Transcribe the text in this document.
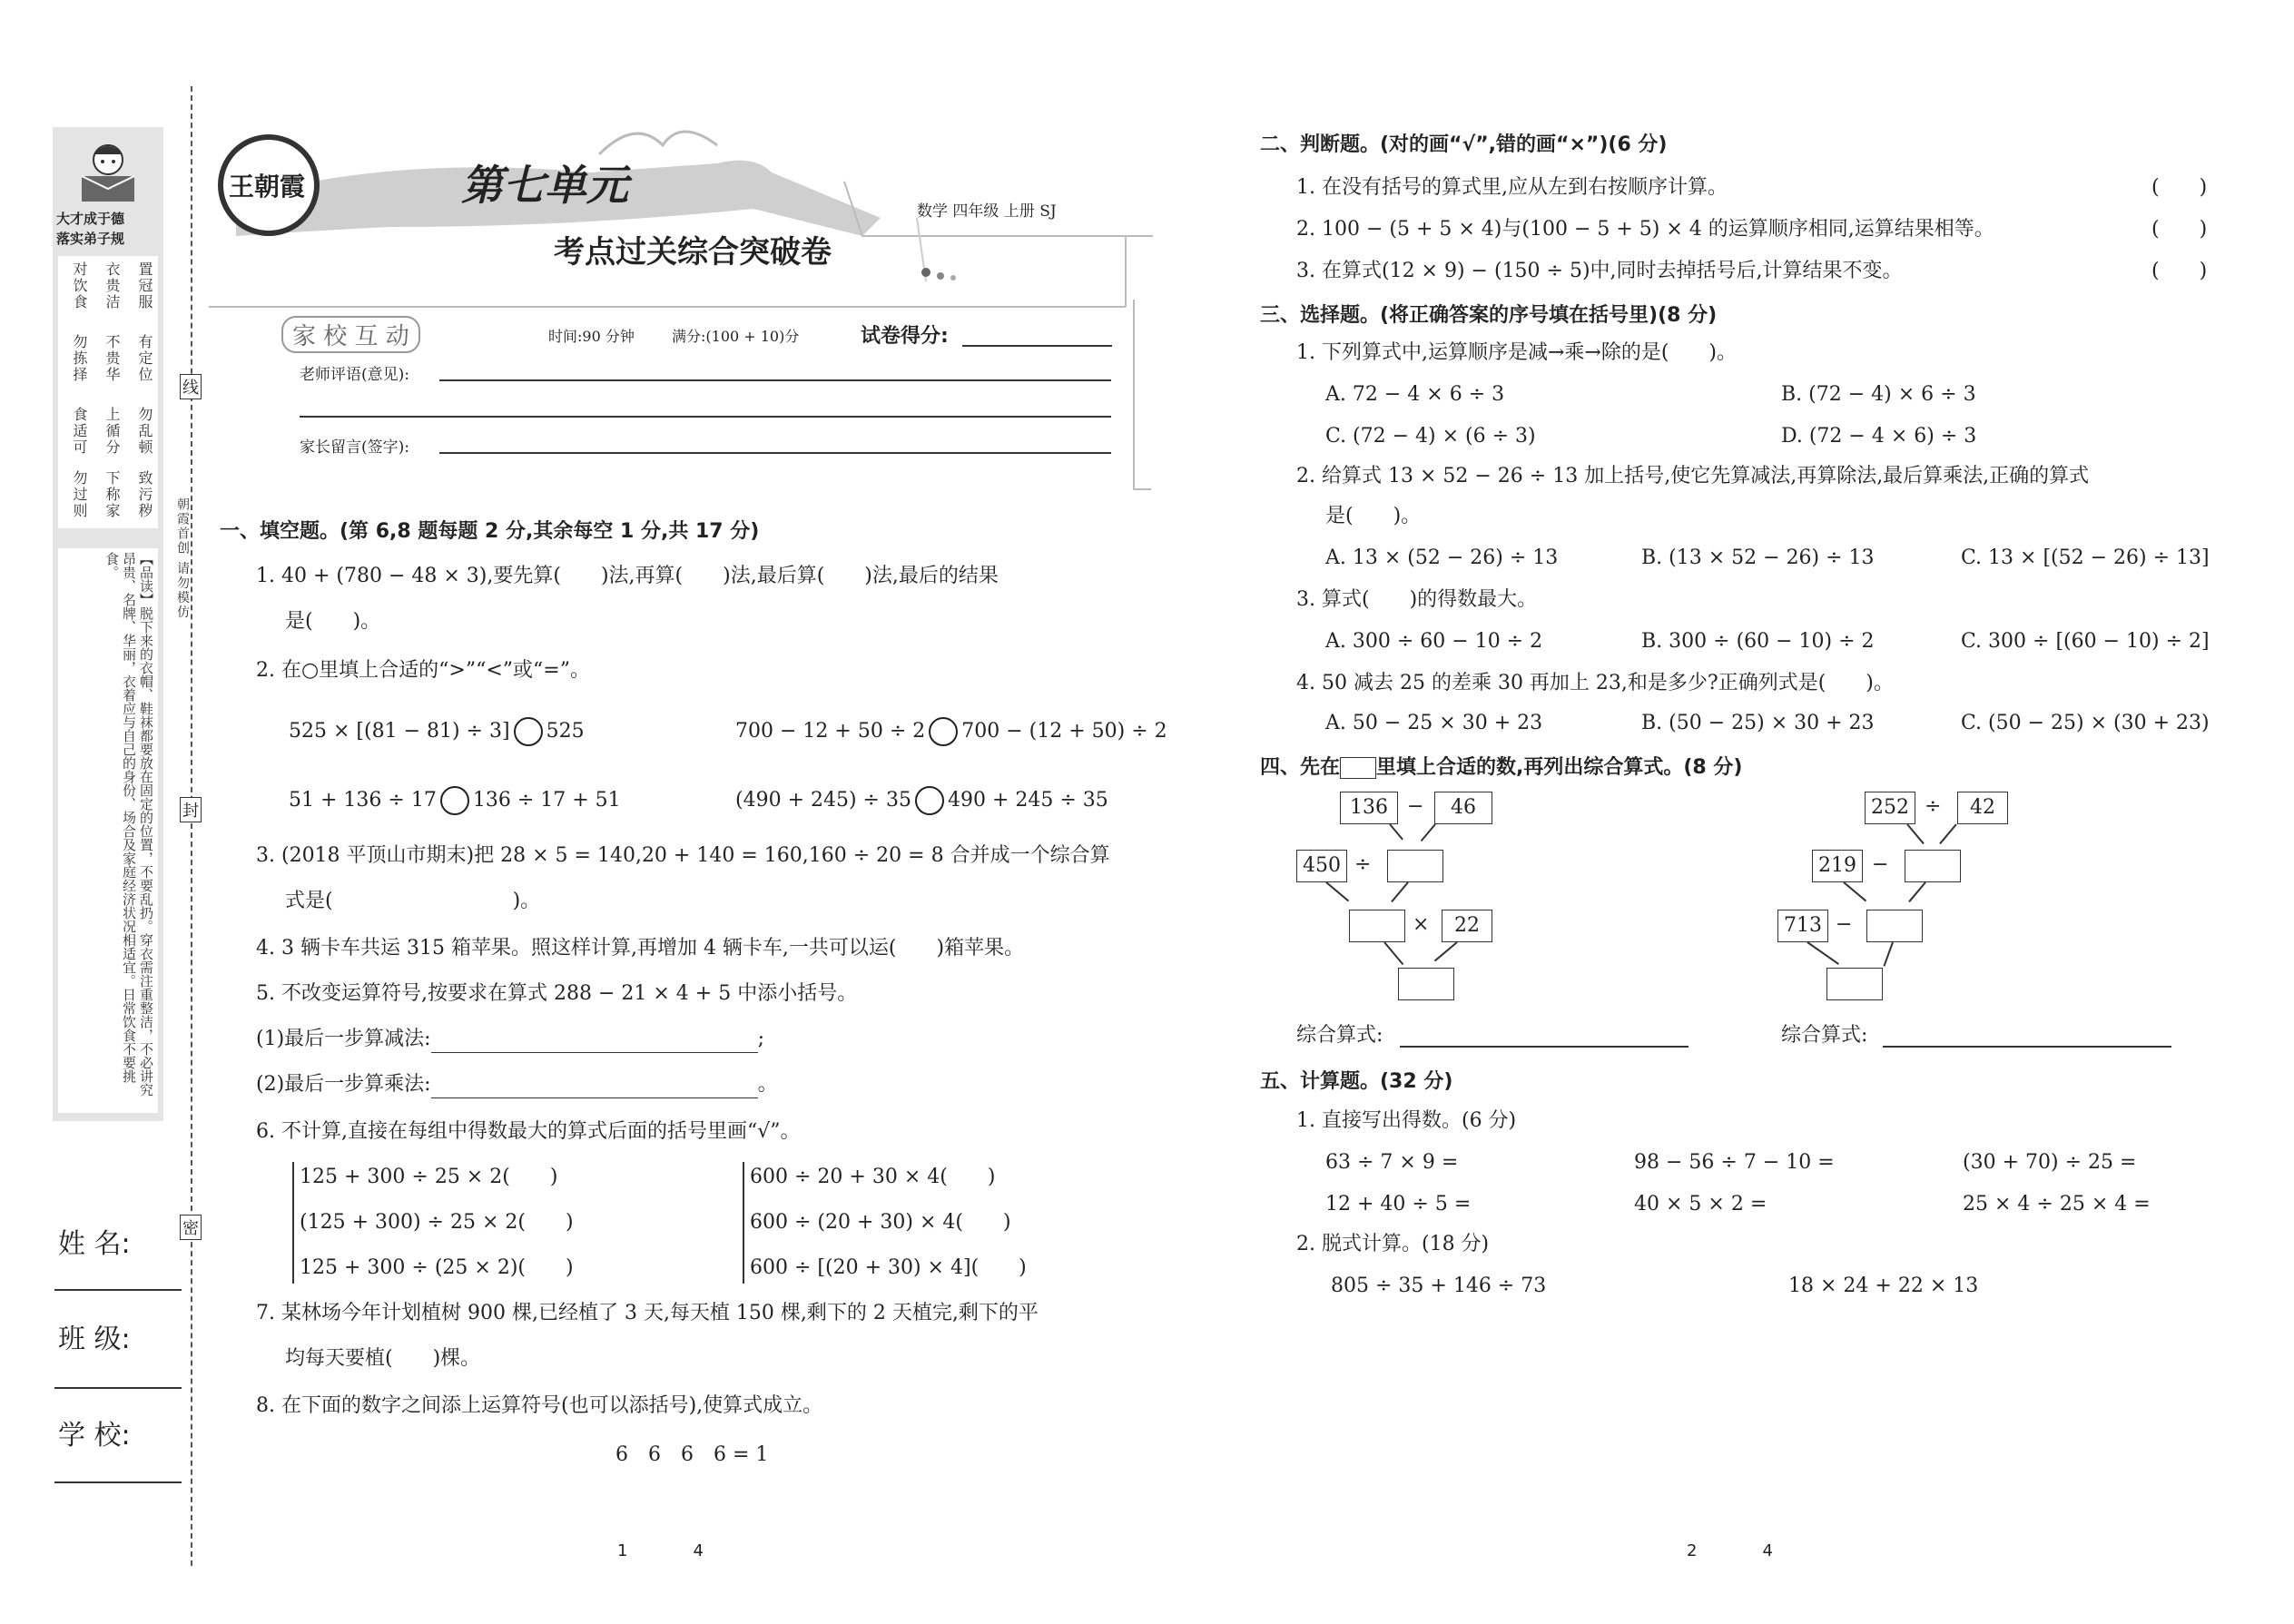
大才成于德
落实弟子规
置冠服
有定位
勿乱顿
致污秽
衣贵洁
不贵华
上循分
下称家
对饮食
勿拣择
食适可
勿过则
【品读】脱下来的衣帽、鞋袜都要放在固定的位置，不要乱扔。穿衣需注重整洁，不必讲究昂贵、名牌、华丽，衣着应与自己的身份、场合及家庭经济状况相适宜。日常饮食不要挑食。
姓 名:
班 级:
学 校:
线
封
密
朝霞首创 请勿模仿
王朝霞	第七单元
考点过关综合突破卷
数学 四年级 上册 SJ
家 校 互 动	时间:90 分钟	满分:(100 + 10)分	试卷得分:
老师评语(意见):
家长留言(签字):
一、填空题。(第 6,8 题每题 2 分,其余每空 1 分,共 17 分)
1. 40 + (780 − 48 × 3),要先算(　　)法,再算(　　)法,最后算(　　)法,最后的结果
是(　　)。
2. 在○里填上合适的“>”“<”或“=”。
525 × [(81 − 81) ÷ 3] 525	700 − 12 + 50 ÷ 2 700 − (12 + 50) ÷ 2
51 + 136 ÷ 17 136 ÷ 17 + 51	(490 + 245) ÷ 35 490 + 245 ÷ 35
3. (2018 平顶山市期末)把 28 × 5 = 140,20 + 140 = 160,160 ÷ 20 = 8 合并成一个综合算
式是(　　　　　　　　　)。
4. 3 辆卡车共运 315 箱苹果。照这样计算,再增加 4 辆卡车,一共可以运(　　)箱苹果。
5. 不改变运算符号,按要求在算式 288 − 21 × 4 + 5 中添小括号。
(1)最后一步算减法:	;
(2)最后一步算乘法:	。
6. 不计算,直接在每组中得数最大的算式后面的括号里画“√”。
125 + 300 ÷ 25 × 2(　　)
(125 + 300) ÷ 25 × 2(　　)
125 + 300 ÷ (25 × 2)(　　)
600 ÷ 20 + 30 × 4(　　)
600 ÷ (20 + 30) × 4(　　)
600 ÷ [(20 + 30) × 4](　　)
7. 某林场今年计划植树 900 棵,已经植了 3 天,每天植 150 棵,剩下的 2 天植完,剩下的平
均每天要植(　　)棵。
8. 在下面的数字之间添上运算符号(也可以添括号),使算式成立。
6　6　6　6 = 1
1　　　　4
二、判断题。(对的画“√”,错的画“×”)(6 分)
1. 在没有括号的算式里,应从左到右按顺序计算。	(　　)
2. 100 − (5 + 5 × 4)与(100 − 5 + 5) × 4 的运算顺序相同,运算结果相等。	(　　)
3. 在算式(12 × 9) − (150 ÷ 5)中,同时去掉括号后,计算结果不变。	(　　)
三、选择题。(将正确答案的序号填在括号里)(8 分)
1. 下列算式中,运算顺序是减→乘→除的是(　　)。
A. 72 − 4 × 6 ÷ 3	B. (72 − 4) × 6 ÷ 3
C. (72 − 4) × (6 ÷ 3)	D. (72 − 4 × 6) ÷ 3
2. 给算式 13 × 52 − 26 ÷ 13 加上括号,使它先算减法,再算除法,最后算乘法,正确的算式
是(　　)。
A. 13 × (52 − 26) ÷ 13	B. (13 × 52 − 26) ÷ 13	C. 13 × [(52 − 26) ÷ 13]
3. 算式(　　)的得数最大。
A. 300 ÷ 60 − 10 ÷ 2	B. 300 ÷ (60 − 10) ÷ 2	C. 300 ÷ [(60 − 10) ÷ 2]
4. 50 减去 25 的差乘 30 再加上 23,和是多少?正确列式是(　　)。
A. 50 − 25 × 30 + 23	B. (50 − 25) × 30 + 23	C. (50 − 25) × (30 + 23)
四、先在 里填上合适的数,再列出综合算式。(8 分)
136 −	46
450 ÷
×	22
综合算式:
252 ÷	42
219 −
713 −
综合算式:
五、计算题。(32 分)
1. 直接写出得数。(6 分)
63 ÷ 7 × 9 =	98 − 56 ÷ 7 − 10 =	(30 + 70) ÷ 25 =
12 + 40 ÷ 5 =	40 × 5 × 2 =	25 × 4 ÷ 25 × 4 =
2. 脱式计算。(18 分)
805 ÷ 35 + 146 ÷ 73	18 × 24 + 22 × 13
2　　　　4
